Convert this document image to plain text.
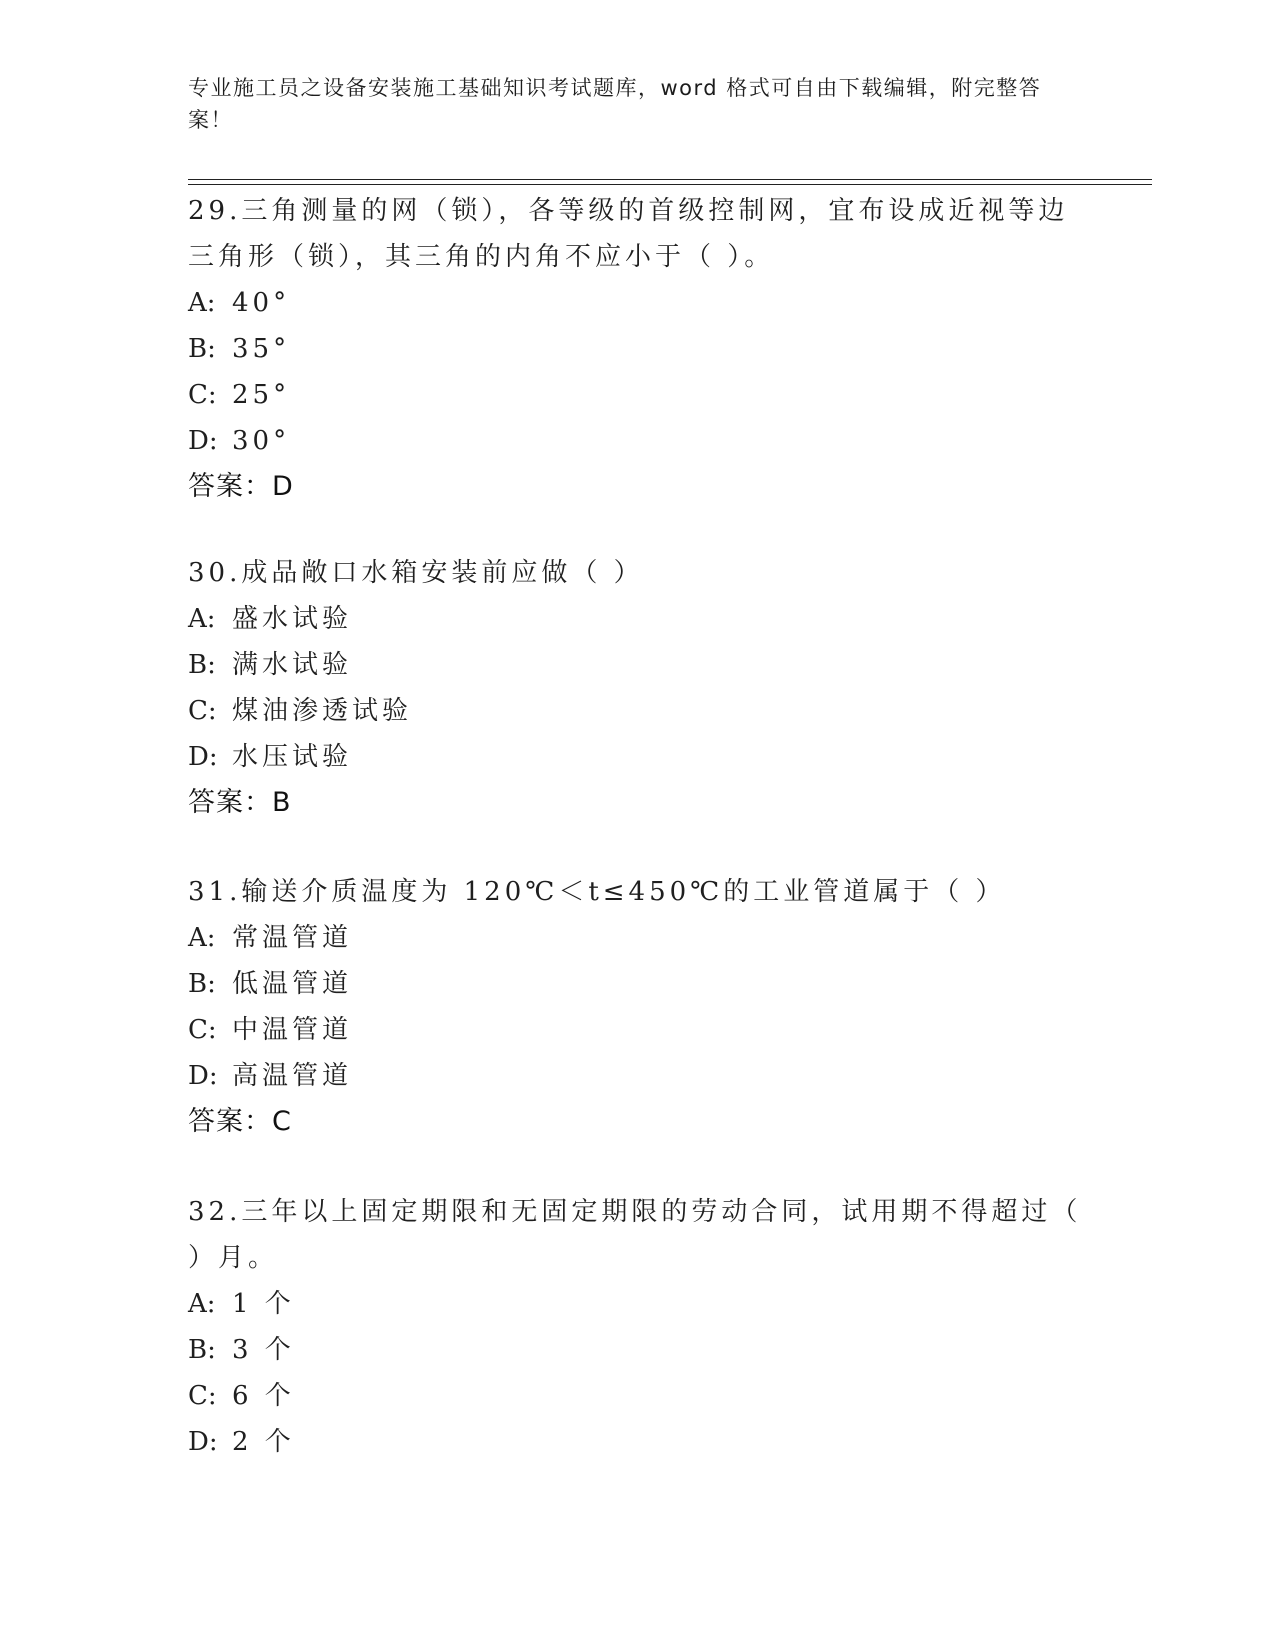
专业施工员之设备安装施工基础知识考试题库，word 格式可自由下载编辑，附完整答案！

29.三角测量的网（锁），各等级的首级控制网，宜布设成近视等边三角形（锁），其三角的内角不应小于（ ）。

A: 40°

B: 35°

C: 25°

D: 30°

答案：D

30.成品敞口水箱安装前应做（ ）

A: 盛水试验

B: 满水试验

C: 煤油渗透试验

D: 水压试验

答案：B

31.输送介质温度为 120℃＜t≤450℃的工业管道属于（ ）

A: 常温管道

B: 低温管道

C: 中温管道

D: 高温管道

答案：C

32.三年以上固定期限和无固定期限的劳动合同，试用期不得超过（ ）月。

A: 1 个

B: 3 个

C: 6 个

D: 2 个
